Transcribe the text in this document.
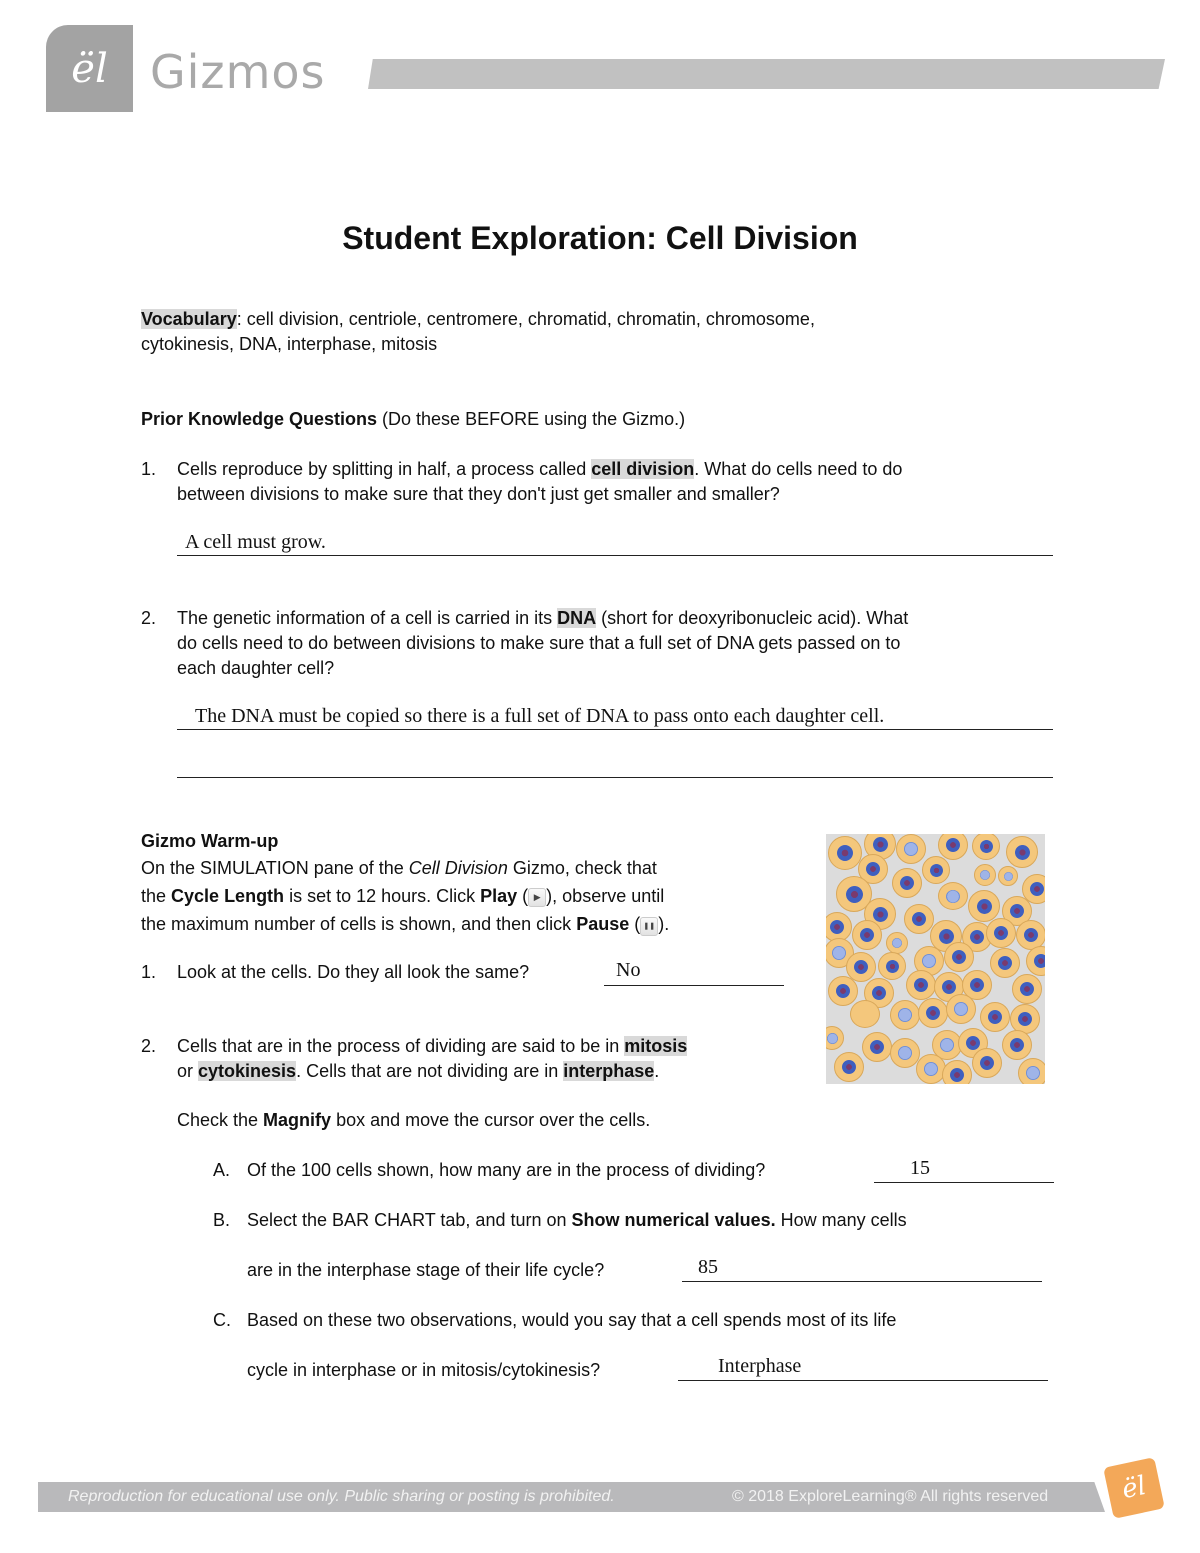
ël Gizmos
Student Exploration: Cell Division
Vocabulary: cell division, centriole, centromere, chromatid, chromatin, chromosome,
cytokinesis, DNA, interphase, mitosis
Prior Knowledge Questions (Do these BEFORE using the Gizmo.)
1. Cells reproduce by splitting in half, a process called cell division. What do cells need to do
between divisions to make sure that they don't just get smaller and smaller?
A cell must grow.
2. The genetic information of a cell is carried in its DNA (short for deoxyribonucleic acid). What
do cells need to do between divisions to make sure that a full set of DNA gets passed on to
each daughter cell?
The DNA must be copied so there is a full set of DNA to pass onto each daughter cell.
Gizmo Warm-up
On the SIMULATION pane of the Cell Division Gizmo, check that
the Cycle Length is set to 12 hours. Click Play ( ▶ ), observe until
the maximum number of cells is shown, and then click Pause ( ❚❚ ).
1. Look at the cells. Do they all look the same?	No
2. Cells that are in the process of dividing are said to be in mitosis
or cytokinesis. Cells that are not dividing are in interphase.
Check the Magnify box and move the cursor over the cells.
A. Of the 100 cells shown, how many are in the process of dividing?	15
B. Select the BAR CHART tab, and turn on Show numerical values. How many cells
are in the interphase stage of their life cycle?	85
C. Based on these two observations, would you say that a cell spends most of its life
cycle in interphase or in mitosis/cytokinesis?	Interphase
Reproduction for educational use only. Public sharing or posting is prohibited.	© 2018 ExploreLearning® All rights reserved	ël
